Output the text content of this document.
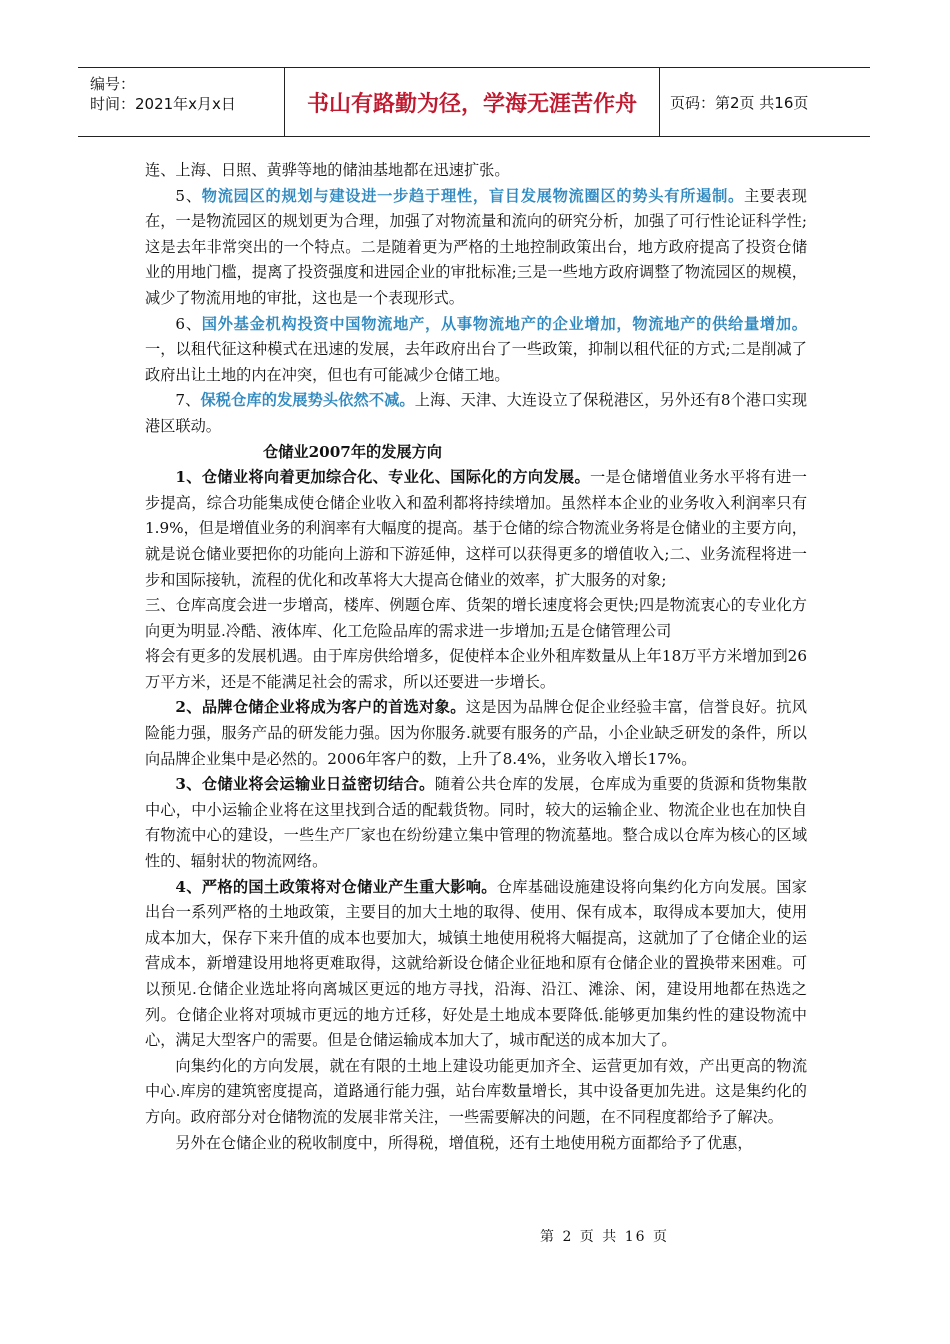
编号：
时间：2021年x月x日	书山有路勤为径，学海无涯苦作舟	页码：第2页 共16页

连、上海、日照、黄骅等地的储油基地都在迅速扩张。

5、物流园区的规划与建设进一步趋于理性，盲目发展物流圈区的势头有所遏制。主要表现在，一是物流园区的规划更为合理，加强了对物流量和流向的研究分析，加强了可行性论证科学性;这是去年非常突出的一个特点。二是随着更为严格的土地控制政策出台，地方政府提高了投资仓储业的用地门槛，提离了投资强度和进园企业的审批标准;三是一些地方政府调整了物流园区的规模，减少了物流用地的审批，这也是一个表现形式。

6、国外基金机构投资中国物流地产，从事物流地产的企业增加，物流地产的供给量增加。一，以租代征这种模式在迅速的发展，去年政府出台了一些政策，抑制以租代征的方式;二是削减了政府出让土地的内在冲突，但也有可能减少仓储工地。

7、保税仓库的发展势头依然不减。上海、天津、大连设立了保税港区，另外还有8个港口实现港区联动。

仓储业2007年的发展方向

1、仓储业将向着更加综合化、专业化、国际化的方向发展。一是仓储增值业务水平将有进一步提高，综合功能集成使仓储企业收入和盈利都将持续增加。虽然样本企业的业务收入利润率只有1.9%，但是增值业务的利润率有大幅度的提高。基于仓储的综合物流业务将是仓储业的主要方向，就是说仓储业要把你的功能向上游和下游延伸，这样可以获得更多的增值收入;二、业务流程将进一步和国际接轨，流程的优化和改革将大大提高仓储业的效率，扩大服务的对象;

三、仓库高度会进一步增高，楼库、例题仓库、货架的增长速度将会更快;四是物流衷心的专业化方向更为明显.冷酷、液体库、化工危险品库的需求进一步增加;五是仓储管理公司

将会有更多的发展机遇。由于库房供给增多，促使样本企业外租库数量从上年18万平方米增加到26万平方米，还是不能满足社会的需求，所以还要进一步增长。

2、品牌仓储企业将成为客户的首选对象。这是因为品牌仓促企业经验丰富，信誉良好。抗风险能力强，服务产品的研发能力强。因为你服务.就要有服务的产品，小企业缺乏研发的条件，所以向品牌企业集中是必然的。2006年客户的数，上升了8.4%，业务收入增长17%。

3、仓储业将会运输业日益密切结合。随着公共仓库的发展，仓库成为重要的货源和货物集散中心，中小运输企业将在这里找到合适的配载货物。同时，较大的运输企业、物流企业也在加快自有物流中心的建设，一些生产厂家也在纷纷建立集中管理的物流墓地。整合成以仓库为核心的区域性的、辐射状的物流网络。

4、严格的国土政策将对仓储业产生重大影响。仓库基础设施建设将向集约化方向发展。国家出台一系列严格的土地政策，主要目的加大土地的取得、使用、保有成本，取得成本要加大，使用成本加大，保存下来升值的成本也要加大，城镇土地使用税将大幅提高，这就加了了仓储企业的运营成本，新增建设用地将更难取得，这就给新设仓储企业征地和原有仓储企业的置换带来困难。可以预见.仓储企业选址将向离城区更远的地方寻找，沿海、沿江、滩涂、闲，建设用地都在热选之列。仓储企业将对项城市更远的地方迁移，好处是土地成本要降低.能够更加集约性的建设物流中心，满足大型客户的需要。但是仓储运输成本加大了，城市配送的成本加大了。

向集约化的方向发展，就在有限的土地上建设功能更加齐全、运营更加有效，产出更高的物流中心.库房的建筑密度提高，道路通行能力强，站台库数量增长，其中设备更加先进。这是集约化的方向。政府部分对仓储物流的发展非常关注，一些需要解决的问题，在不同程度都给予了解决。

另外在仓储企业的税收制度中，所得税，增值税，还有土地使用税方面都给予了优惠，

第 2 页 共 16 页
